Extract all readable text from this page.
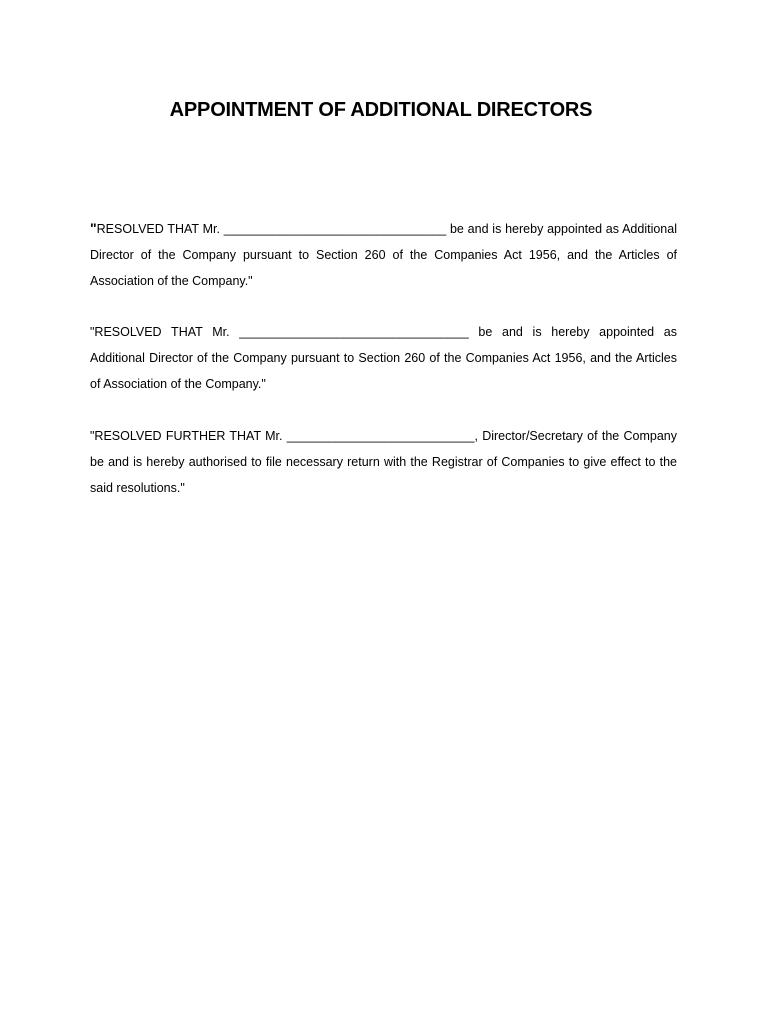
APPOINTMENT OF ADDITIONAL DIRECTORS

"RESOLVED THAT Mr. ________________________________ be and is hereby appointed as Additional Director of the Company pursuant to Section 260 of the Companies Act 1956, and the Articles of Association of the Company."

"RESOLVED THAT Mr. _________________________________ be and is hereby appointed as Additional Director of the Company pursuant to Section 260 of the Companies Act 1956, and the Articles of Association of the Company."

"RESOLVED FURTHER THAT Mr. ___________________________, Director/Secretary of the Company be and is hereby authorised to file necessary return with the Registrar of Companies to give effect to the said resolutions."
